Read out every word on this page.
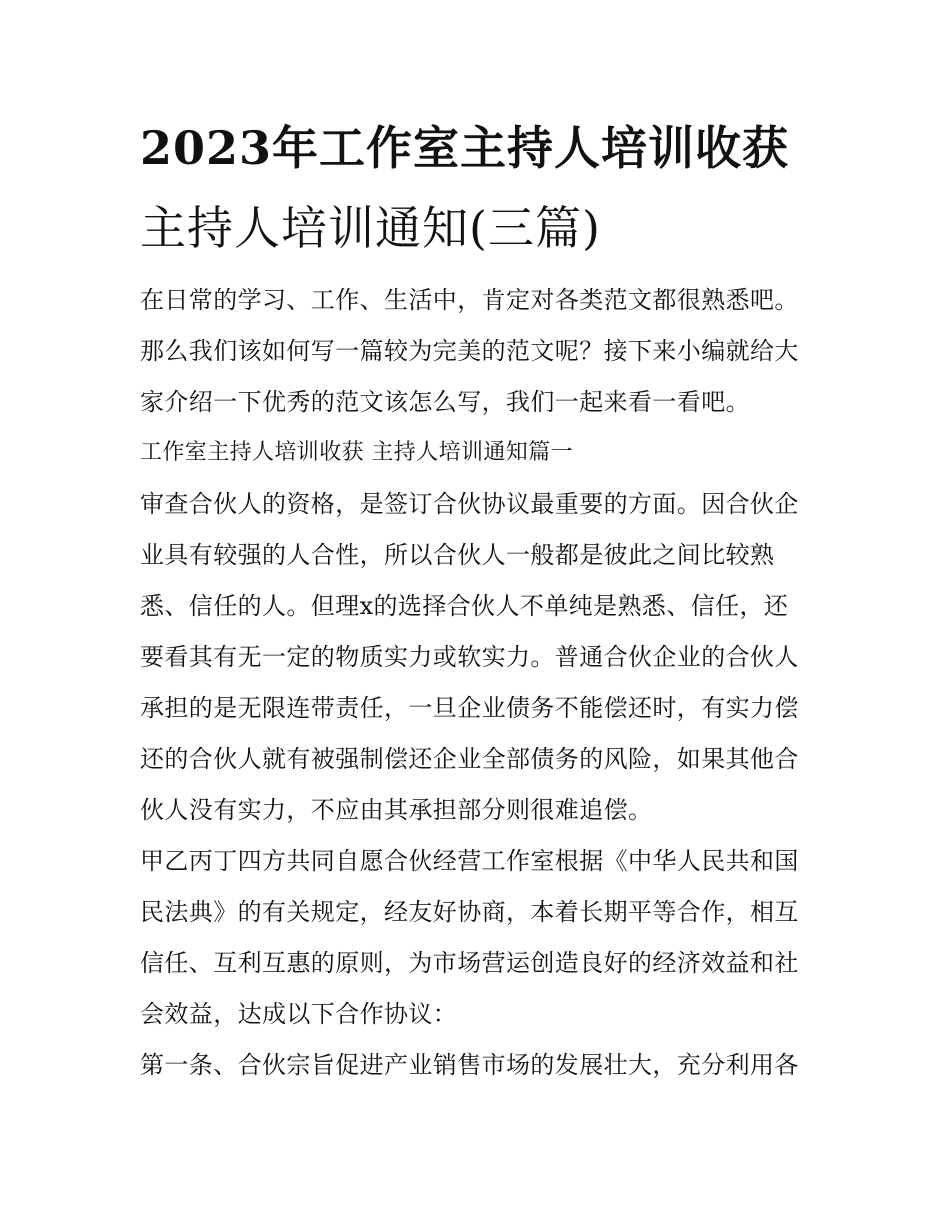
2023年工作室主持人培训收获
主持人培训通知(三篇)
在日常的学习、工作、生活中，肯定对各类范文都很熟悉吧。
那么我们该如何写一篇较为完美的范文呢？接下来小编就给大
家介绍一下优秀的范文该怎么写，我们一起来看一看吧。
工作室主持人培训收获 主持人培训通知篇一
审查合伙人的资格，是签订合伙协议最重要的方面。因合伙企
业具有较强的人合性，所以合伙人一般都是彼此之间比较熟
悉、信任的人。但理x的选择合伙人不单纯是熟悉、信任，还
要看其有无一定的物质实力或软实力。普通合伙企业的合伙人
承担的是无限连带责任，一旦企业债务不能偿还时，有实力偿
还的合伙人就有被强制偿还企业全部债务的风险，如果其他合
伙人没有实力，不应由其承担部分则很难追偿。
甲乙丙丁四方共同自愿合伙经营工作室根据《中华人民共和国
民法典》的有关规定，经友好协商，本着长期平等合作，相互
信任、互利互惠的原则，为市场营运创造良好的经济效益和社
会效益，达成以下合作协议：
第一条、合伙宗旨促进产业销售市场的发展壮大，充分利用各
